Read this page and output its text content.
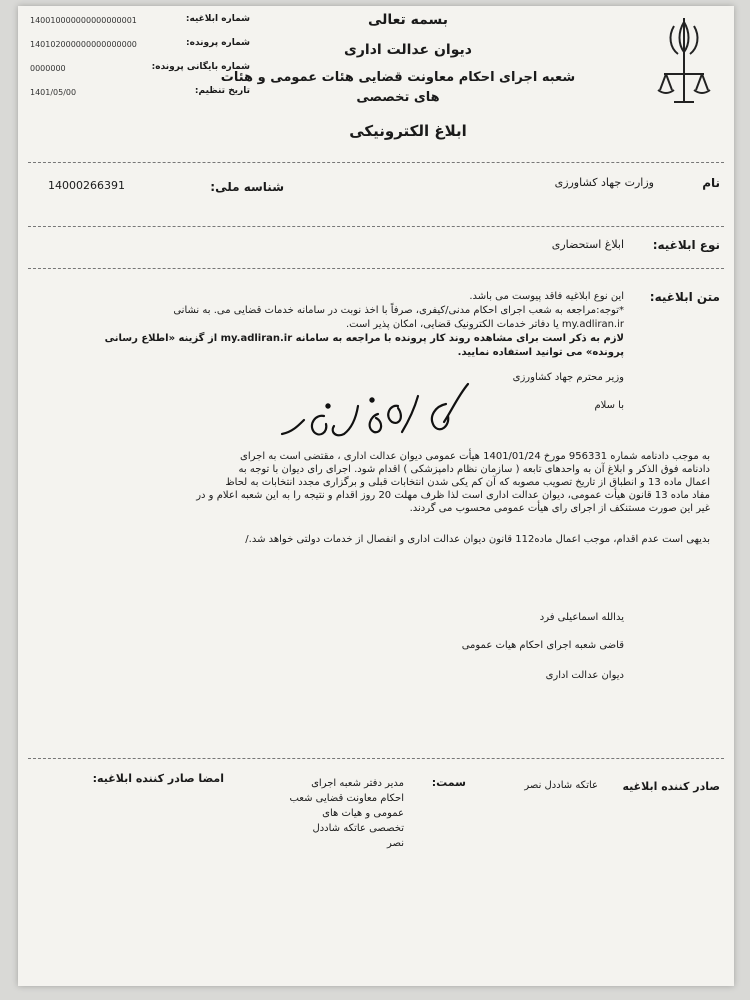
بسمه تعالی
دیوان عدالت اداری
شعبه اجرای احکام معاونت قضایی هئات عمومی و هئات
های تخصصی
ابلاغ الکترونیکی
140010000000000000001	شماره ابلاغیه:
140102000000000000000	شماره پرونده:
0000000	شماره بایگانی پرونده:
1401/05/00	تاریخ تنظیم:
نام
وزارت جهاد کشاورزی
شناسه ملی:
14000266391
نوع ابلاغیه:
ابلاغ استحضاری
متن ابلاغیه:
این نوع ابلاغیه فاقد پیوست می باشد.
*توجه:مراجعه به شعب اجرای احکام مدنی/کیفری، صرفاً با اخذ نوبت در سامانه خدمات قضایی می. به نشانی
my.adliran.ir یا دفاتر خدمات الکترونیک قضایی، امکان پذیر است.
لازم به ذکر است برای مشاهده روند کار پرونده با مراجعه به سامانه my.adliran.ir از گزینه «اطلاع رسانی
پرونده» می توانید استفاده نمایید.
وزیر محترم جهاد کشاورزی
با سلام
به موجب دادنامه شماره 956331 مورخ 1401/01/24 هیأت عمومی دیوان عدالت اداری ، مقتضی است به اجرای
دادنامه فوق الذکر و ابلاغ آن به واحدهای تابعه ( سازمان نظام دامپزشکی ) اقدام شود. اجرای رای دیوان با توجه به
اعمال ماده 13 و انطباق از تاریخ تصویب مصوبه که آن کم یکی شدن انتخابات قبلی و برگزاری مجدد انتخابات به لحاظ
مفاد ماده 13 قانون هیأت عمومی، دیوان عدالت اداری است لذا ظرف مهلت 20 روز اقدام و نتیجه را به این شعبه اعلام و در
غیر این صورت مستنکف از اجرای رای هیأت عمومی محسوب می گردند.
بدیهی است عدم اقدام، موجب اعمال ماده112 قانون دیوان عدالت اداری و انفصال از خدمات دولتی خواهد شد./
یدالله اسماعیلی فرد
قاضی شعبه اجرای احکام هیات عمومی
دیوان عدالت اداری
صادر کننده ابلاغیه
عاتکه شاددل نصر
سمت:
مدیر دفتر شعبه اجرای
احکام معاونت قضایی شعب
عمومی و هیات های
تخصصی عاتکه شاددل
نصر
امضا صادر کننده ابلاغیه:
